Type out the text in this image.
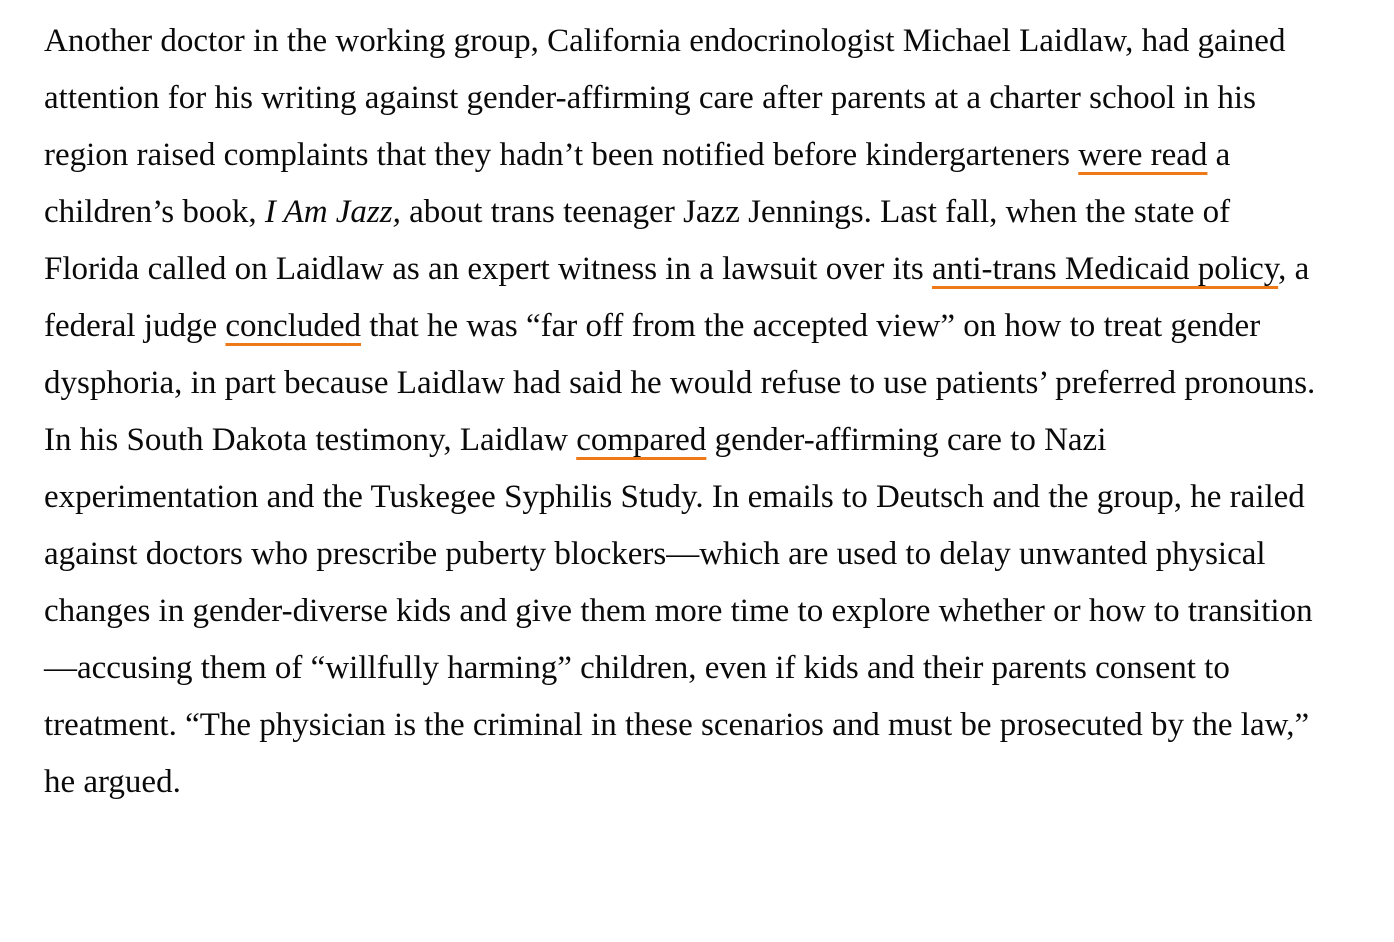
Another doctor in the working group, California endocrinologist Michael Laidlaw, had gained attention for his writing against gender-affirming care after parents at a charter school in his region raised complaints that they hadn’t been notified before kindergarteners were read a children’s book, I Am Jazz, about trans teenager Jazz Jennings. Last fall, when the state of Florida called on Laidlaw as an expert witness in a lawsuit over its anti-trans Medicaid policy, a federal judge concluded that he was “far off from the accepted view” on how to treat gender dysphoria, in part because Laidlaw had said he would refuse to use patients’ preferred pronouns. In his South Dakota testimony, Laidlaw compared gender-affirming care to Nazi experimentation and the Tuskegee Syphilis Study. In emails to Deutsch and the group, he railed against doctors who prescribe puberty blockers—which are used to delay unwanted physical changes in gender-diverse kids and give them more time to explore whether or how to transition—accusing them of “willfully harming” children, even if kids and their parents consent to treatment. “The physician is the criminal in these scenarios and must be prosecuted by the law,” he argued.
